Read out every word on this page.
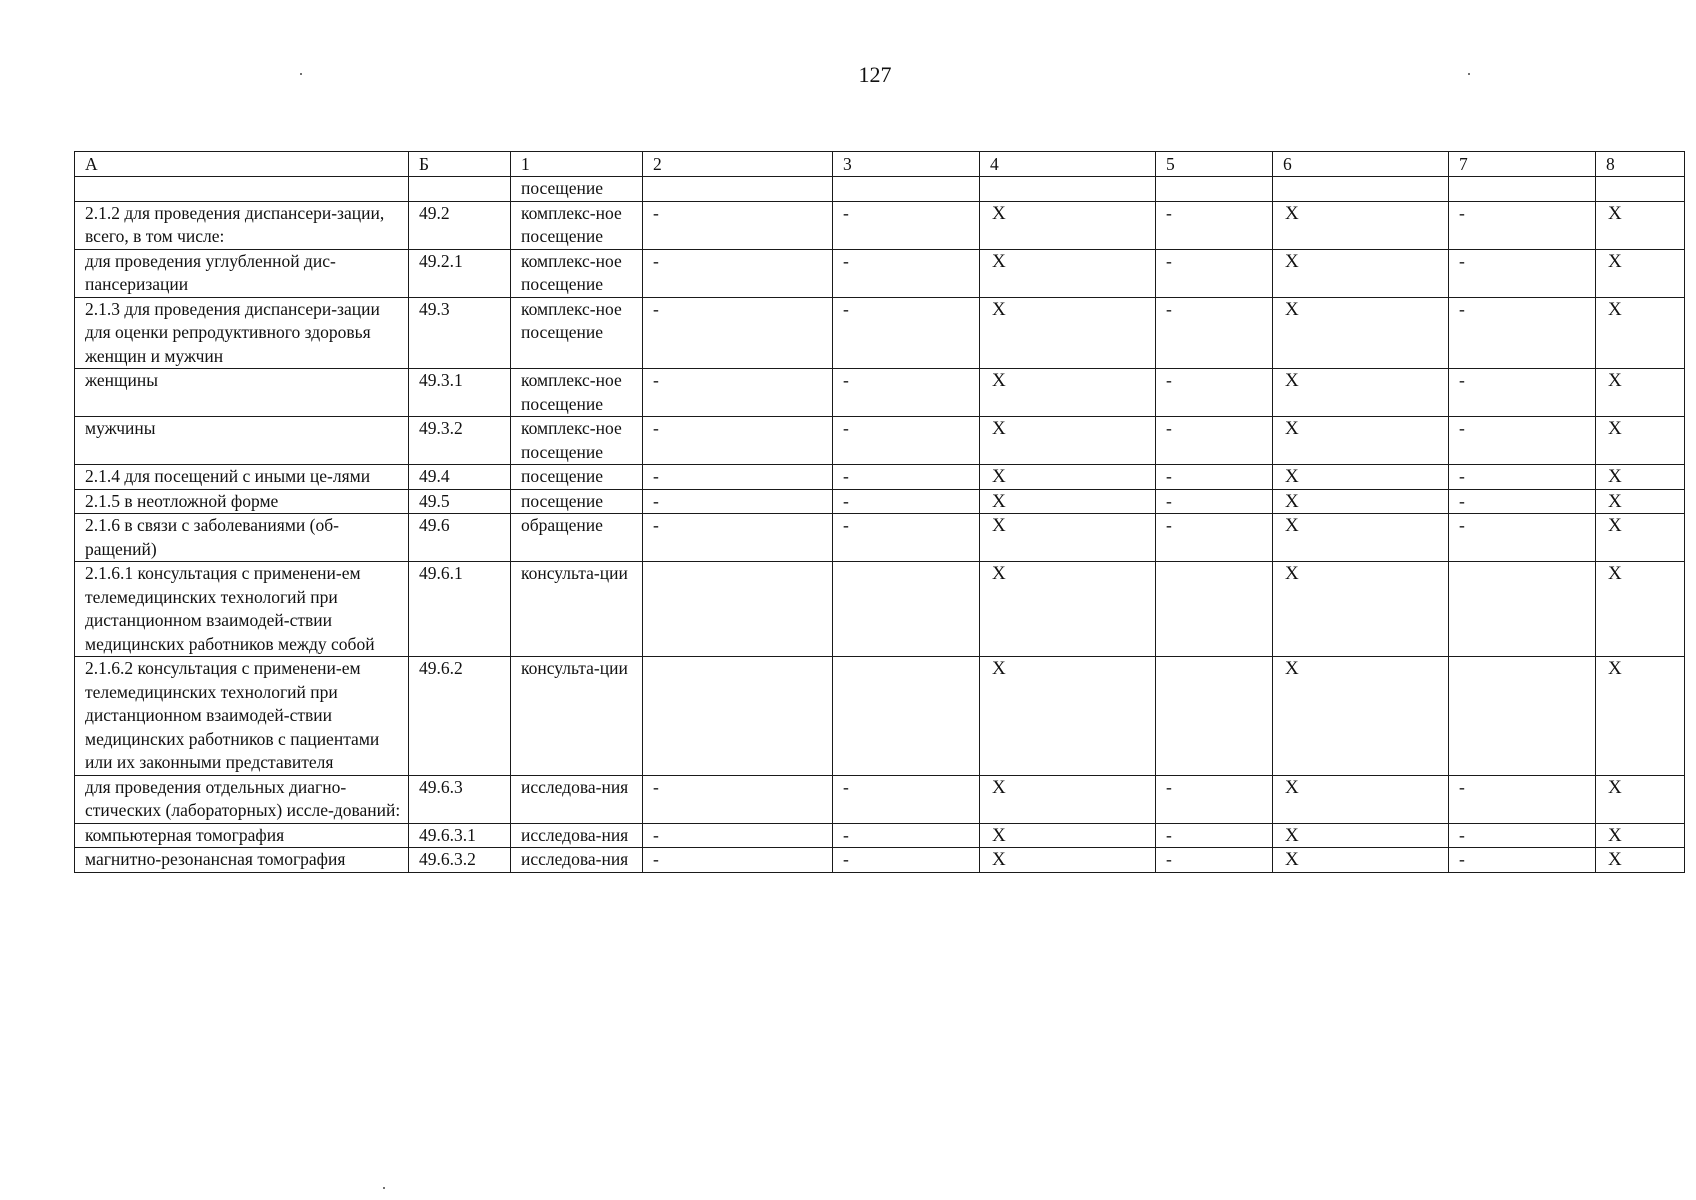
127
А	Б	1	2	3	4	5	6	7	8
		посещение							
2.1.2 для проведения диспансери-зации, всего, в том числе:	49.2	комплекс-ное посещение	-	-	X	-	X	-	X
для проведения углубленной дис-пансеризации	49.2.1	комплекс-ное посещение	-	-	X	-	X	-	X
2.1.3 для проведения диспансери-зации для оценки репродуктивного здоровья женщин и мужчин	49.3	комплекс-ное посещение	-	-	X	-	X	-	X
женщины	49.3.1	комплекс-ное посещение	-	-	X	-	X	-	X
мужчины	49.3.2	комплекс-ное посещение	-	-	X	-	X	-	X
2.1.4 для посещений с иными це-лями	49.4	посещение	-	-	X	-	X	-	X
2.1.5 в неотложной форме	49.5	посещение	-	-	X	-	X	-	X
2.1.6 в связи с заболеваниями (об-ращений)	49.6	обращение	-	-	X	-	X	-	X
2.1.6.1 консультация с применени-ем телемедицинских технологий при дистанционном взаимодей-ствии медицинских работников между собой	49.6.1	консульта-ции			X		X		X
2.1.6.2 консультация с применени-ем телемедицинских технологий при дистанционном взаимодей-ствии медицинских работников с пациентами или их законными представителя	49.6.2	консульта-ции			X		X		X
для проведения отдельных диагно-стических (лабораторных) иссле-дований:	49.6.3	исследова-ния	-	-	X	-	X	-	X
компьютерная томография	49.6.3.1	исследова-ния	-	-	X	-	X	-	X
магнитно-резонансная томография	49.6.3.2	исследова-ния	-	-	X	-	X	-	X
